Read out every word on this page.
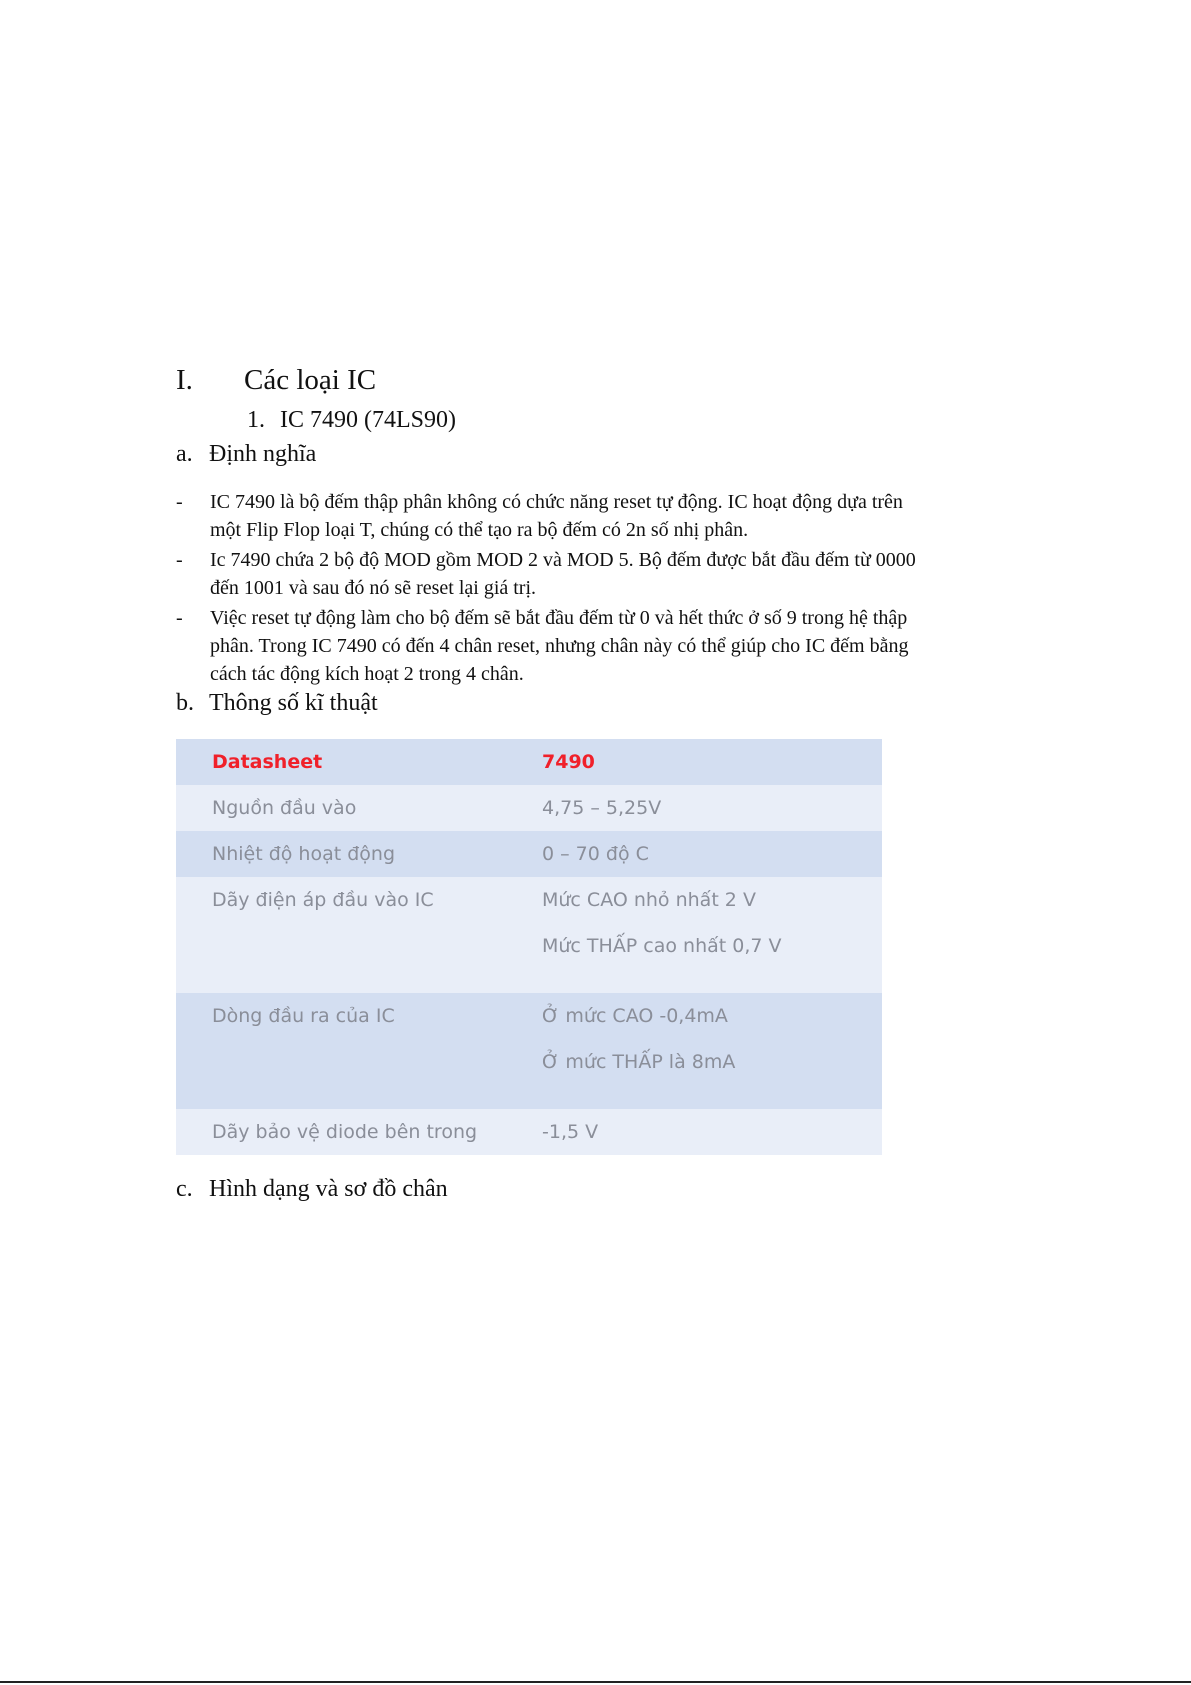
I. Các loại IC
1. IC 7490 (74LS90)
a. Định nghĩa
- IC 7490 là bộ đếm thập phân không có chức năng reset tự động. IC hoạt động dựa trên
một Flip Flop loại T, chúng có thể tạo ra bộ đếm có 2n số nhị phân.
- Ic 7490 chứa 2 bộ độ MOD gồm MOD 2 và MOD 5. Bộ đếm được bắt đầu đếm từ 0000
đến 1001 và sau đó nó sẽ reset lại giá trị.
- Việc reset tự động làm cho bộ đếm sẽ bắt đầu đếm từ 0 và hết thức ở số 9 trong hệ thập
phân. Trong IC 7490 có đến 4 chân reset, nhưng chân này có thể giúp cho IC đếm bằng
cách tác động kích hoạt 2 trong 4 chân.
b. Thông số kĩ thuật
Datasheet	7490

Nguồn đầu vào	4,75 – 5,25V

Nhiệt độ hoạt động	0 – 70 độ C

Dãy điện áp đầu vào IC	Mức CAO nhỏ nhất 2 V
Mức THẤP cao nhất 0,7 V

Dòng đầu ra của IC	Ở mức CAO -0,4mA
Ở mức THẤP là 8mA

Dãy bảo vệ diode bên trong	-1,5 V
c. Hình dạng và sơ đồ chân
